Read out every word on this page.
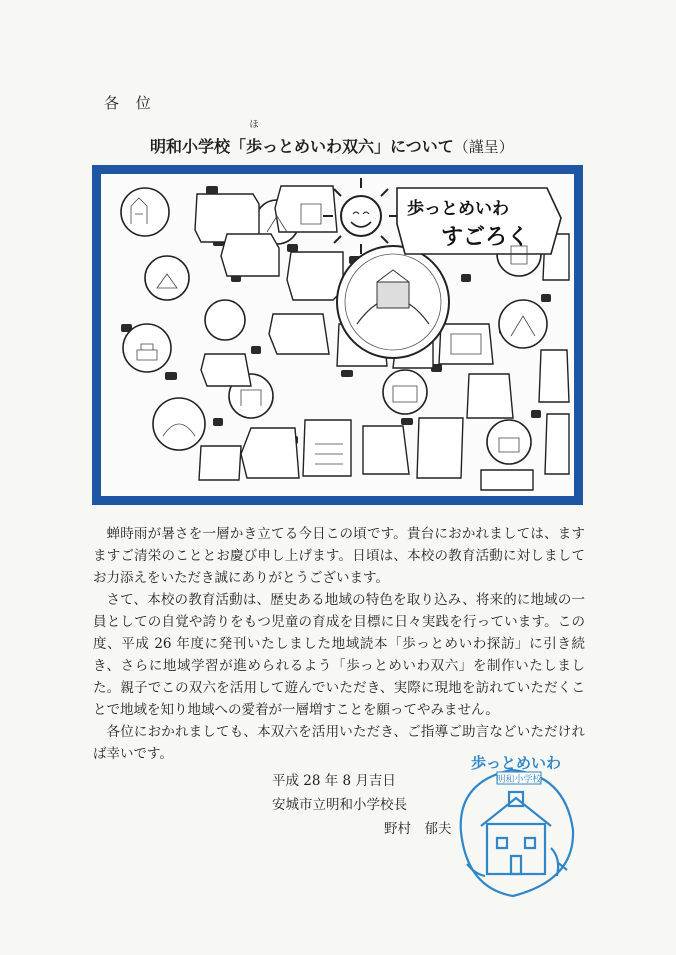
各 位
明和小学校「歩
ほ
っとめいわ双六」について（謹呈）
歩っとめいわ
すごろく

蝉時雨が暑さを一層かき立てる今日この頃です。貴台におかれましては、ますますご清栄のこととお慶び申し上げます。日頃は、本校の教育活動に対しましてお力添えをいただき誠にありがとうございます。

さて、本校の教育活動は、歴史ある地域の特色を取り込み、将来的に地域の一員としての自覚や誇りをもつ児童の育成を目標に日々実践を行っています。この度、平成 26 年度に発刊いたしました地域読本「歩っとめいわ探訪」に引き続き、さらに地域学習が進められるよう「歩っとめいわ双六」を制作いたしました。親子でこの双六を活用して遊んでいただき、実際に現地を訪れていただくことで地域を知り地域への愛着が一層増すことを願ってやみません。

各位におかれましても、本双六を活用いただき、ご指導ご助言などいただければ幸いです。

平成 28 年 8 月吉日
安城市立明和小学校長
野村　郁夫
明和小学校
歩っとめいわ
